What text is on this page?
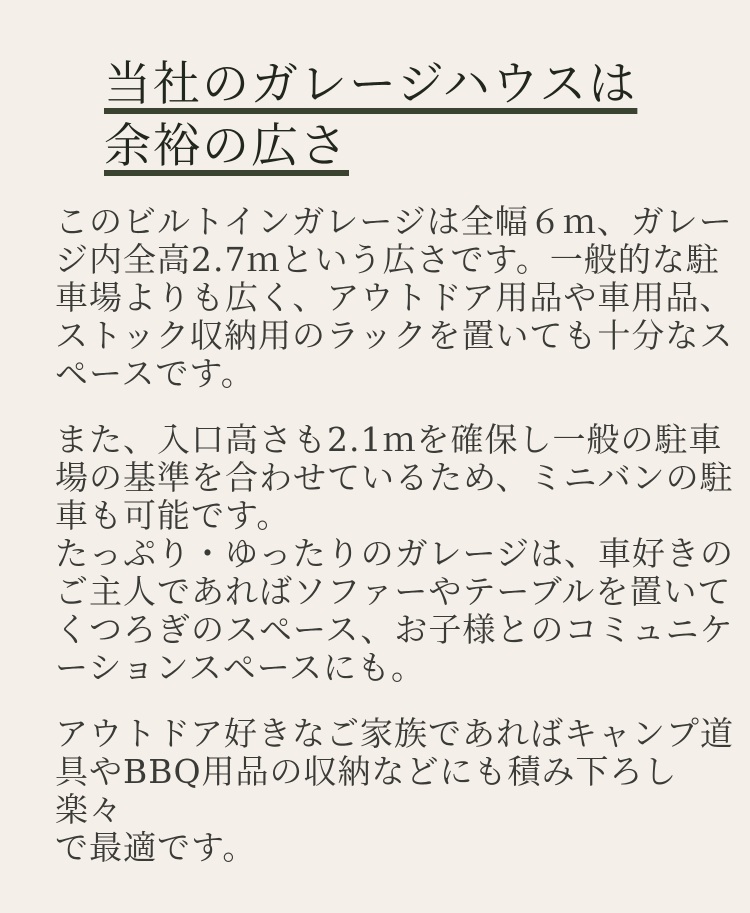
当社のガレージハウスは
余裕の広さ

このビルトインガレージは全幅６ｍ、ガレー
ジ内全高2.7ｍという広さです。一般的な駐
車場よりも広く、アウトドア用品や車用品、
ストック収納用のラックを置いても十分なス
ペースです。

また、入口高さも2.1ｍを確保し一般の駐車
場の基準を合わせているため、ミニバンの駐
車も可能です。
たっぷり・ゆったりのガレージは、車好きの
ご主人であればソファーやテーブルを置いて
くつろぎのスペース、お子様とのコミュニケ
ーションスペースにも。

アウトドア好きなご家族であればキャンプ道
具やBBQ用品の収納などにも積み下ろし楽々
で最適です。
